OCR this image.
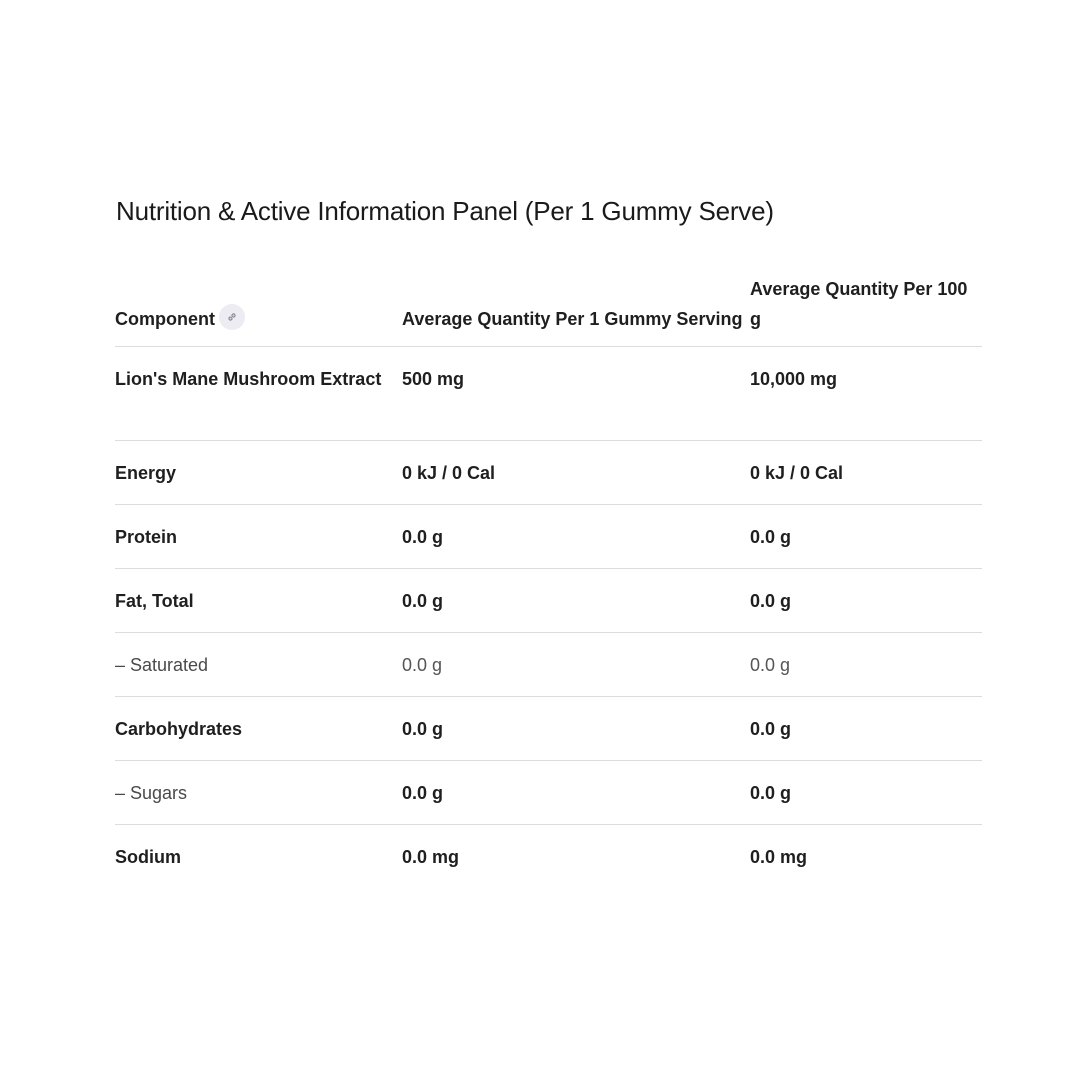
Nutrition & Active Information Panel (Per 1 Gummy Serve)
Component	Average Quantity Per 1 Gummy Serving	Average Quantity Per 100 g
Lion's Mane Mushroom Extract	500 mg	10,000 mg
Energy	0 kJ / 0 Cal	0 kJ / 0 Cal
Protein	0.0 g	0.0 g
Fat, Total	0.0 g	0.0 g
– Saturated	0.0 g	0.0 g
Carbohydrates	0.0 g	0.0 g
– Sugars	0.0 g	0.0 g
Sodium	0.0 mg	0.0 mg
